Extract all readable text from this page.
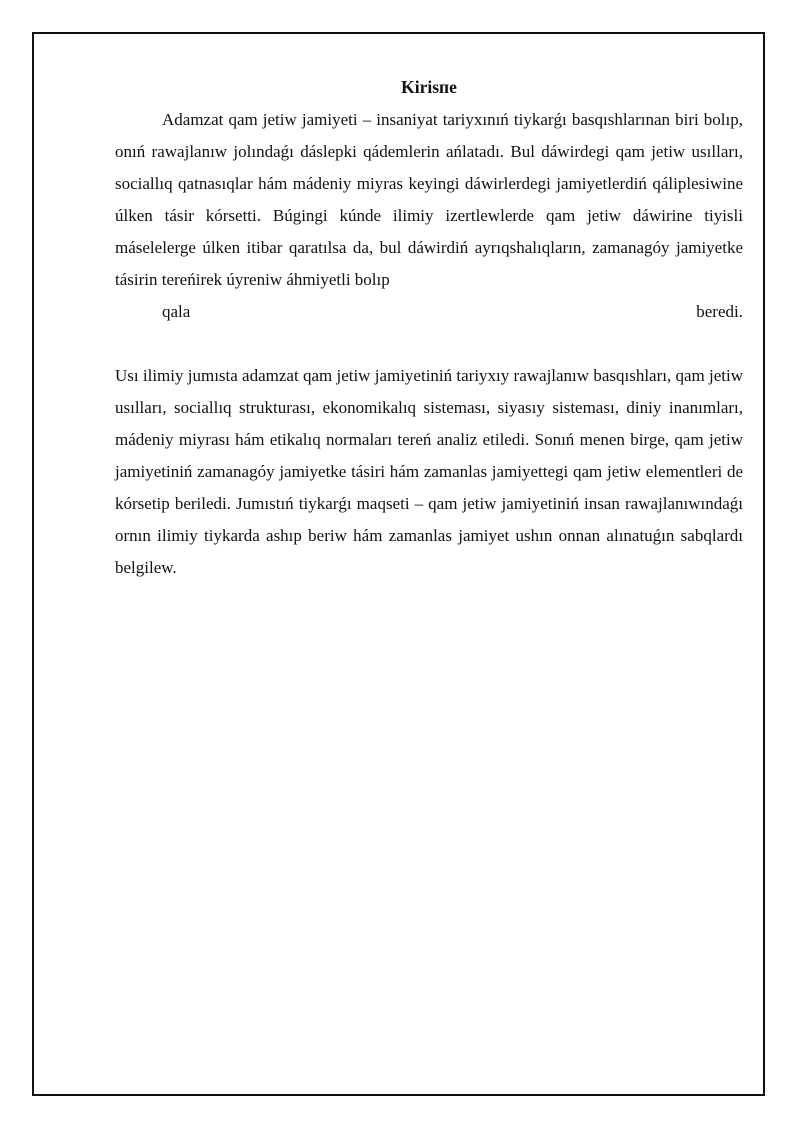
Kirisпe
Adamzat qam jetiw jamiyeti – insaniyat tariyxınıń tiykarǵı basqıshlarınan biri bolıp, onıń rawajlanıw jolındaǵı dáslepki qádemlerin ańlatadı. Bul dáwirdegi qam jetiw usılları, sociallıq qatnasıqlar hám mádeniy miyras keyingi dáwirlerdegi jamiyetlerdiń qáliplesiwine úlken tásir kórsetti. Búgingi kúnde ilimiy izertlewlerde qam jetiw dáwirine tiyisli máselelerge úlken itibar qaratılsa da, bul dáwirdiń ayrıqshalıqların, zamanagóy jamiyetke tásirin tereńirek úyreniw áhmiyetli bolıp
qala	beredi.

Usı ilimiy jumısta adamzat qam jetiw jamiyetiniń tariyxıy rawajlanıw basqıshları, qam jetiw usılları, sociallıq strukturası, ekonomikalıq sisteması, siyasıy sisteması, diniy inanımları, mádeniy miyrası hám etikalıq normaları tereń analiz etiledi. Sonıń menen birge, qam jetiw jamiyetiniń zamanagóy jamiyetke tásiri hám zamanlas jamiyettegi qam jetiw elementleri de kórsetip beriledi. Jumıstıń tiykarǵı maqseti – qam jetiw jamiyetiniń insan rawajlanıwındaǵı ornın ilimiy tiykarda ashıp beriw hám zamanlas jamiyet ushın onnan alınatuǵın sabqlardı belgilew.
